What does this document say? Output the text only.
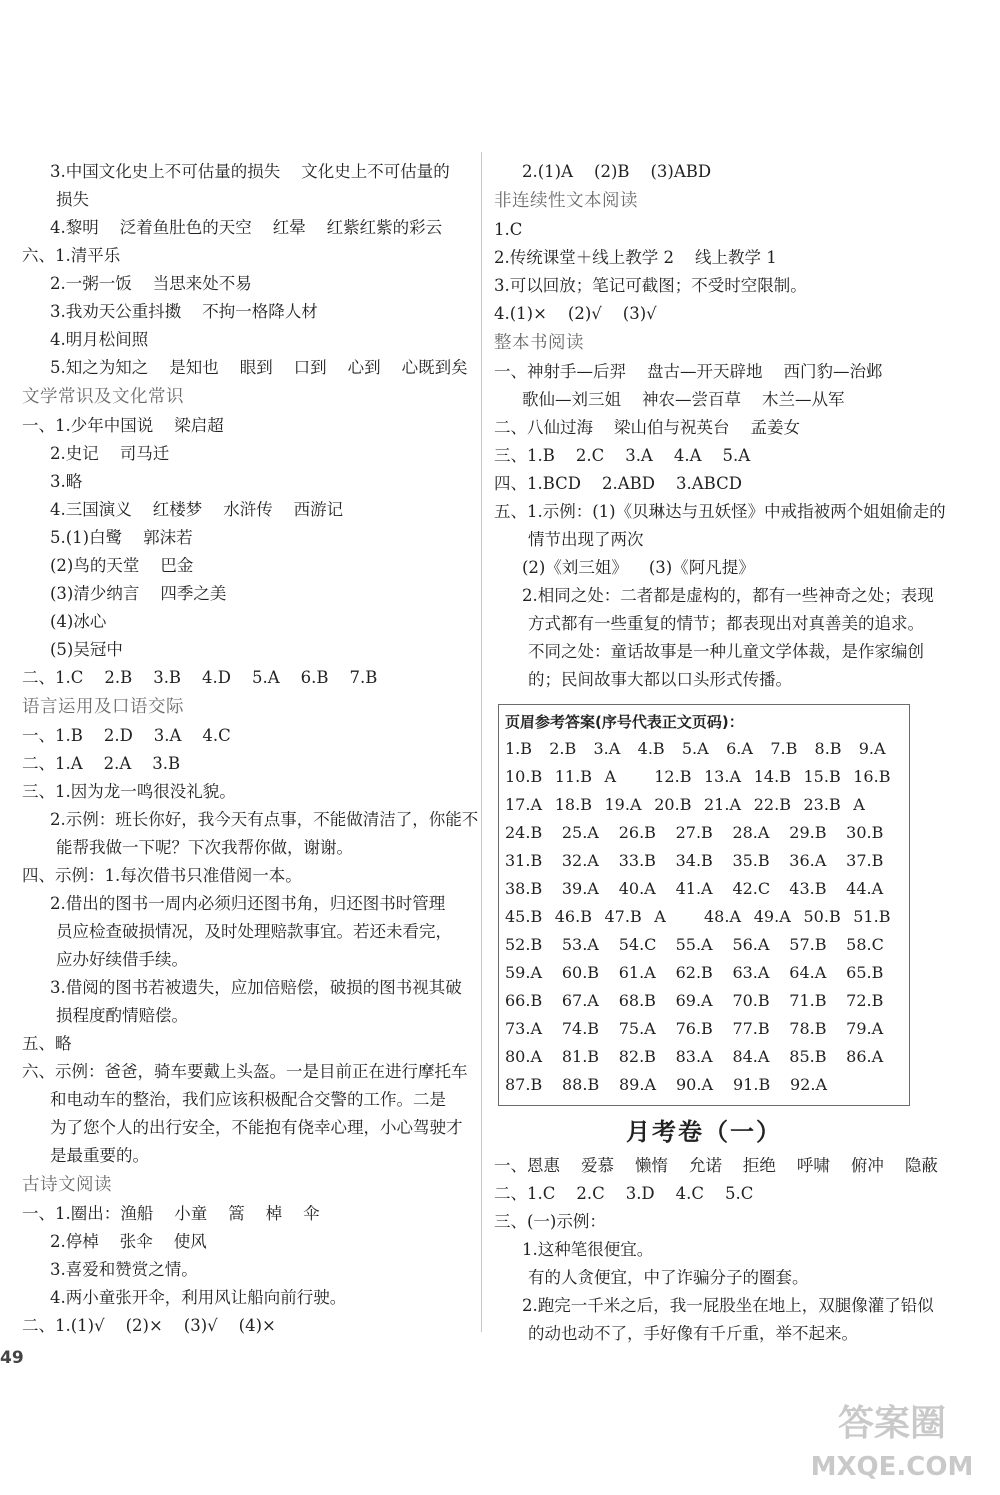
3.中国文化史上不可估量的损失    文化史上不可估量的

损失

4.黎明    泛着鱼肚色的天空    红晕    红紫红紫的彩云

六、1.清平乐

2.一粥一饭    当思来处不易

3.我劝天公重抖擞    不拘一格降人材

4.明月松间照

5.知之为知之    是知也    眼到    口到    心到    心既到矣

文学常识及文化常识

一、1.少年中国说    梁启超

2.史记    司马迁

3.略

4.三国演义    红楼梦    水浒传    西游记

5.(1)白鹭    郭沫若

(2)鸟的天堂    巴金

(3)清少纳言    四季之美

(4)冰心

(5)吴冠中

二、1.C    2.B    3.B    4.D    5.A    6.B    7.B

语言运用及口语交际

一、1.B    2.D    3.A    4.C

二、1.A    2.A    3.B

三、1.因为龙一鸣很没礼貌。

2.示例：班长你好，我今天有点事，不能做清洁了，你能不

能帮我做一下呢？下次我帮你做，谢谢。

四、示例：1.每次借书只准借阅一本。

2.借出的图书一周内必须归还图书角，归还图书时管理

员应检查破损情况，及时处理赔款事宜。若还未看完，

应办好续借手续。

3.借阅的图书若被遗失，应加倍赔偿，破损的图书视其破

损程度酌情赔偿。

五、略

六、示例：爸爸，骑车要戴上头盔。一是目前正在进行摩托车

和电动车的整治，我们应该积极配合交警的工作。二是

为了您个人的出行安全，不能抱有侥幸心理，小心驾驶才

是最重要的。

古诗文阅读

一、1.圈出：渔船    小童    篙    棹    伞

2.停棹    张伞    使风

3.喜爱和赞赏之情。

4.两小童张开伞，利用风让船向前行驶。

二、1.(1)√    (2)×    (3)√    (4)×

2.(1)A    (2)B    (3)ABD

非连续性文本阅读

1.C

2.传统课堂＋线上教学 2    线上教学 1

3.可以回放；笔记可截图；不受时空限制。

4.(1)×    (2)√    (3)√

整本书阅读

一、神射手—后羿    盘古—开天辟地    西门豹—治邺

歌仙—刘三姐    神农—尝百草    木兰—从军

二、八仙过海    梁山伯与祝英台    孟姜女

三、1.B    2.C    3.A    4.A    5.A

四、1.BCD    2.ABD    3.ABCD

五、1.示例：(1)《贝琳达与丑妖怪》中戒指被两个姐姐偷走的

情节出现了两次

(2)《刘三姐》    (3)《阿凡提》

2.相同之处：二者都是虚构的，都有一些神奇之处；表现

方式都有一些重复的情节；都表现出对真善美的追求。

不同之处：童话故事是一种儿童文学体裁，是作家编创

的；民间故事大都以口头形式传播。

页眉参考答案(序号代表正文页码)：
1.B	2.B	3.A	4.B	5.A	6.A	7.B	8.B	9.A
10.B 11.B A	12.B 13.A 14.B 15.B 16.B
17.A 18.B 19.A 20.B 21.A 22.B 23.B A
24.B	25.A	26.B	27.B	28.A	29.B	30.B
31.B	32.A	33.B	34.B	35.B	36.A	37.B
38.B	39.A	40.A	41.A	42.C	43.B	44.A
45.B 46.B 47.B A	48.A 49.A 50.B 51.B
52.B	53.A	54.C	55.A	56.A	57.B	58.C
59.A	60.B	61.A	62.B	63.A	64.A	65.B
66.B	67.A	68.B	69.A	70.B	71.B	72.B
73.A	74.B	75.A	76.B	77.B	78.B	79.A
80.A	81.B	82.B	83.A	84.A	85.B	86.A
87.B	88.B	89.A	90.A	91.B	92.A
月考卷（一）

一、恩惠    爱慕    懒惰    允诺    拒绝    呼啸    俯冲    隐蔽

二、1.C    2.C    3.D    4.C    5.C

三、(一)示例：

1.这种笔很便宜。

有的人贪便宜，中了诈骗分子的圈套。

2.跑完一千米之后，我一屁股坐在地上，双腿像灌了铅似

的动也动不了，手好像有千斤重，举不起来。

49
答案圈
MXQE.COM
